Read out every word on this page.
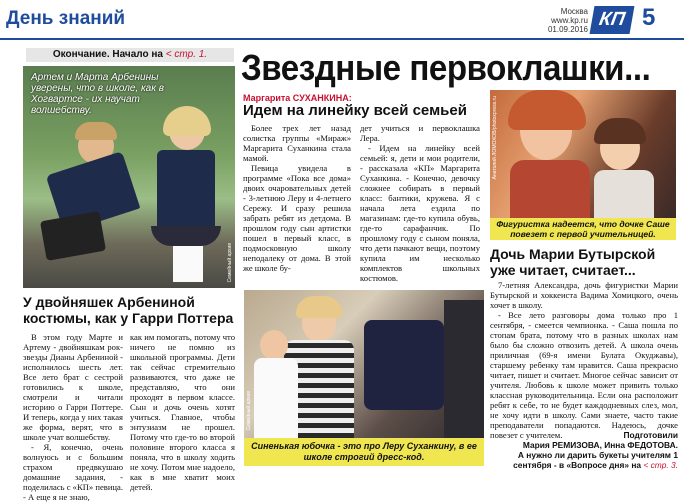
День знаний	Москва
www.kp.ru
01.09.2016 КП 5
Окончание. Начало на < стр. 1.
Артем и Марта Арбенины уверены, что в школе, как в Хогвартсе - их научат волшебству.
Семейный архив
У двойняшек Арбениной костюмы, как у Гарри Поттера

В этом году Марте и Артему - двойняшкам рок-звезды Дианы Арбениной - исполнилось шесть лет. Все лето брат с сестрой готовились к школе, смотрели и читали историю о Гарри Поттере. И теперь, когда у них такая же форма, верят, что в школе учат волшебству.

- Я, конечно, очень волнуюсь и с большим страхом предвкушаю домашние задания, - поделилась с «КП» певица. - А еще я не знаю,

как им помогать, потому что ничего не помню из школьной программы. Дети так сейчас стремительно развиваются, что даже не представляю, что они проходят в первом классе. Сын и дочь очень хотят учиться. Главное, чтобы энтузиазм не прошел. Потому что где-то во второй половине второго класса я поняла, что в школу ходить не хочу. Потом мне надоело, как в мне хватит моих детей.

Звездные первоклашки...
Маргарита СУХАНКИНА:
Идем на линейку всей семьей

Более трех лет назад солистка группы «Мираж» Маргарита Суханкина стала мамой.

Певица увидела в программе «Пока все дома» двоих очаровательных детей - 3-летнюю Леру и 4-летнего Сережу. И сразу решила забрать ребят из детдома. В прошлом году сын артистки пошел в первый класс, в подмосковную школу неподалеку от дома. В этой же школе бу-

дет учиться и первоклашка Лера.

- Идем на линейку всей семьей: я, дети и мои родители, - рассказала «КП» Маргарита Суханкина. - Конечно, девочку сложнее собирать в первый класс: бантики, кружева. Я с начала лета ездила по магазинам: где-то купила обувь, где-то сарафанчик. По прошлому году с сыном поняла, что дети пачкают вещи, поэтому купила им несколько комплектов школьных костюмов.

Семейный архив
Синенькая юбочка - это про Леру Суханкину, в ее школе строгий дресс-код.
Анатолий ЛОМОХОВ/photoxpress.ru
Фигуристка надеется, что дочке Саше повезет с первой учительницей.
Дочь Марии Бутырской уже читает, считает...

7-летняя Александра, дочь фигуристки Марии Бутырской и хоккеиста Вадима Хомицкого, очень хочет в школу.

- Все лето разговоры дома только про 1 сентября, - смеется чемпионка. - Саша пошла по стопам брата, потому что в разных школах нам было бы сложно отвозить детей. А школа очень приличная (69-я имени Булата Окуджавы), старшему ребенку там нравится. Саша прекрасно читает, пишет и считает. Многое сейчас зависит от учителя. Любовь к школе может привить только классная руководительница. Если она расположит ребят к себе, то не будет каждодневных слез, мол, не хочу идти в школу. Сами знаете, часто такие преподаватели попадаются. Надеюсь, дочке повезет с учителем.	Подготовили
Мария РЕМИЗОВА, Инна ФЕДОТОВА.
А нужно ли дарить букеты учителям 1 сентября - в «Вопросе дня» на < стр. 3.
